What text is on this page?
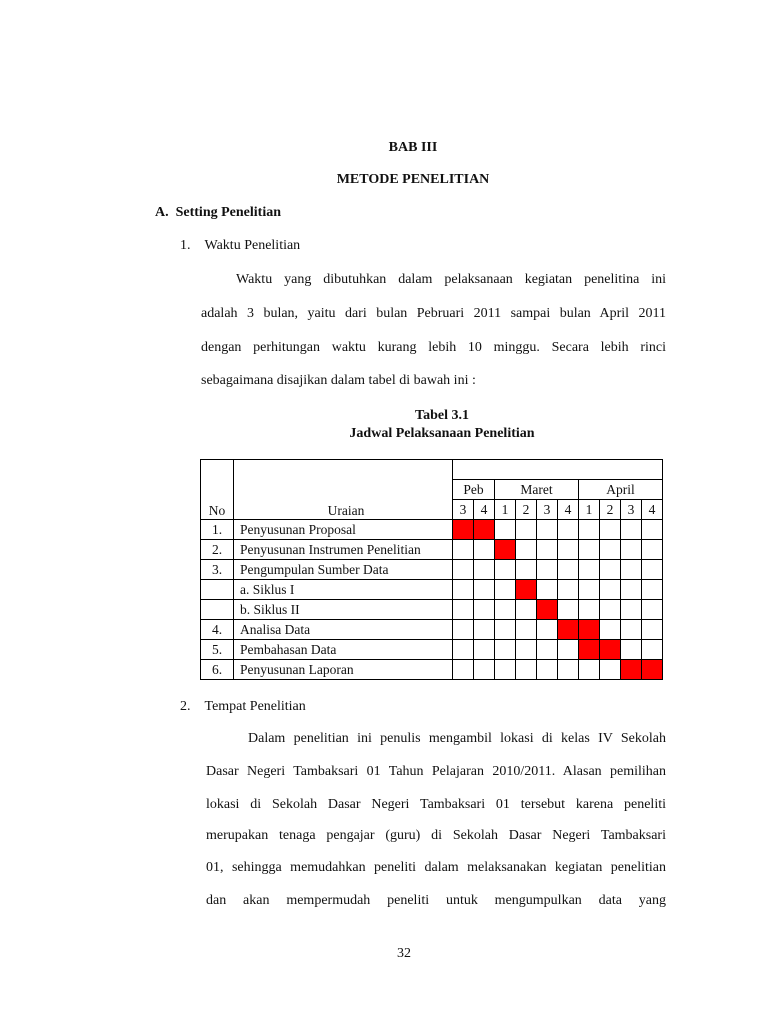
BAB III
METODE PENELITIAN
A.  Setting Penelitian
1.    Waktu Penelitian
Waktu yang dibutuhkan dalam pelaksanaan kegiatan penelitina ini
adalah 3 bulan, yaitu dari bulan Pebruari 2011 sampai bulan April 2011
dengan perhitungan waktu kurang lebih 10 minggu. Secara lebih rinci
sebagaimana disajikan dalam tabel di bawah ini :
Tabel 3.1
Jadwal Pelaksanaan Penelitian
No	Uraian										
		Peb		Maret				April			
		3	4	1	2	3	4	1	2	3	4
1.	Penyusunan Proposal										
2.	Penyusunan Instrumen Penelitian										
3.	Pengumpulan Sumber Data										
	a. Siklus I										
	b. Siklus II										
4.	Analisa Data										
5.	Pembahasan Data										
6.	Penyusunan Laporan										
2.    Tempat Penelitian
Dalam penelitian ini penulis mengambil lokasi di kelas IV Sekolah
Dasar Negeri Tambaksari 01 Tahun Pelajaran 2010/2011. Alasan pemilihan
lokasi di Sekolah Dasar Negeri Tambaksari 01 tersebut karena peneliti
merupakan tenaga pengajar (guru) di Sekolah Dasar Negeri Tambaksari
01, sehingga memudahkan peneliti dalam melaksanakan kegiatan penelitian
dan akan mempermudah peneliti untuk mengumpulkan data yang
32
